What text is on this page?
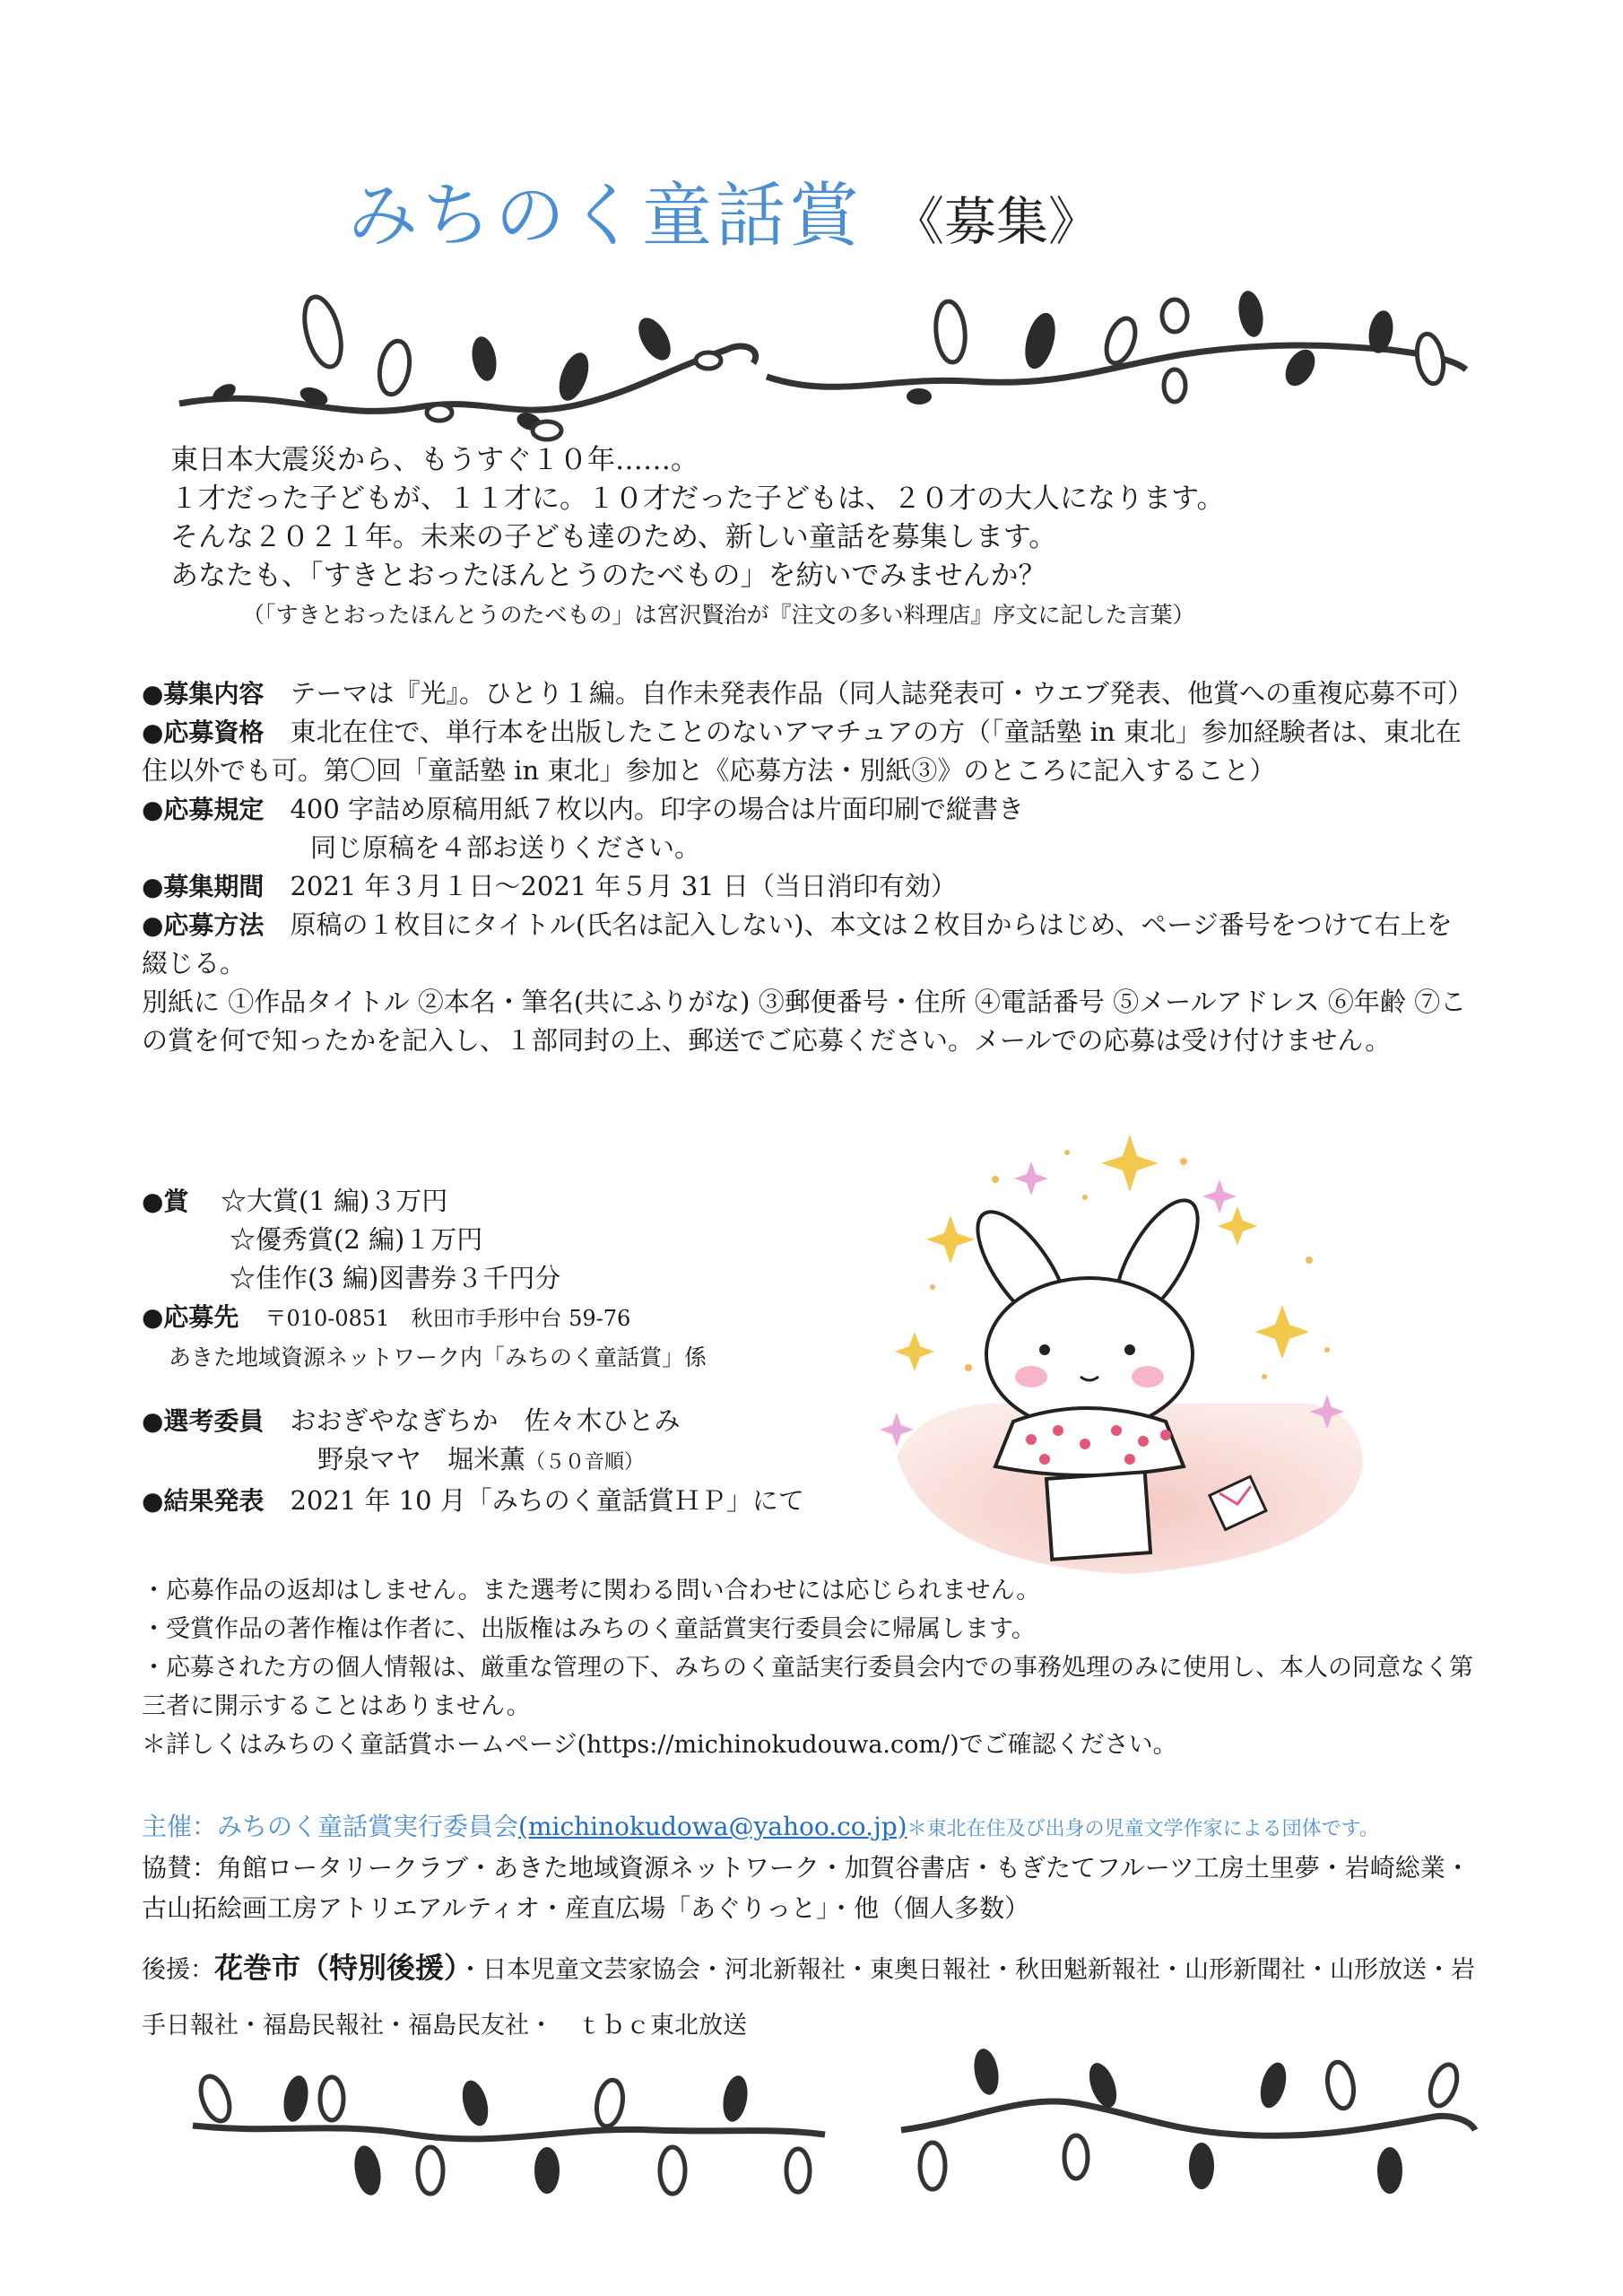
みちのく童話賞 《募集》
東日本大震災から、もうすぐ１０年……。
１才だった子どもが、１１才に。１０才だった子どもは、２０才の大人になります。
そんな２０２１年。未来の子ども達のため、新しい童話を募集します。
あなたも、「すきとおったほんとうのたべもの」を紡いでみませんか？
（「すきとおったほんとうのたべもの」は宮沢賢治が『注文の多い料理店』序文に記した言葉）
●募集内容　 テーマは『光』。ひとり１編。自作未発表作品（同人誌発表可・ウエブ発表、他賞への重複応募不可）
●応募資格　 東北在住で、単行本を出版したことのないアマチュアの方（「童話塾 in 東北」参加経験者は、東北在住以外でも可。第〇回「童話塾 in 東北」参加と《応募方法・別紙③》のところに記入すること）
●応募規定　 400 字詰め原稿用紙７枚以内。印字の場合は片面印刷で縦書き
同じ原稿を４部お送りください。
●募集期間　 2021 年３月１日～2021 年５月 31 日（当日消印有効）
●応募方法　 原稿の１枚目にタイトル(氏名は記入しない)、本文は２枚目からはじめ、ページ番号をつけて右上を綴じる。
別紙に ①作品タイトル ②本名・筆名(共にふりがな) ③郵便番号・住所 ④電話番号 ⑤メールアドレス ⑥年齢 ⑦この賞を何で知ったかを記入し、１部同封の上、郵送でご応募ください。メールでの応募は受け付けません。
●賞	☆大賞(1 編)３万円
☆優秀賞(2 編)１万円
☆佳作(3 編)図書券３千円分
●応募先　 〒010-0851　秋田市手形中台 59-76
あきた地域資源ネットワーク内「みちのく童話賞」係
●選考委員　 おおぎやなぎちか　佐々木ひとみ
野泉マヤ　堀米薫（５０音順）
●結果発表　 2021 年 10 月「みちのく童話賞ＨＰ」にて
・応募作品の返却はしません。また選考に関わる問い合わせには応じられません。
・受賞作品の著作権は作者に、出版権はみちのく童話賞実行委員会に帰属します。
・応募された方の個人情報は、厳重な管理の下、みちのく童話実行委員会内での事務処理のみに使用し、本人の同意なく第三者に開示することはありません。
＊詳しくはみちのく童話賞ホームページ(https://michinokudouwa.com/)でご確認ください。
主催：みちのく童話賞実行委員会(michinokudowa@yahoo.co.jp)＊東北在住及び出身の児童文学作家による団体です。
協賛：角館ロータリークラブ・あきた地域資源ネットワーク・加賀谷書店・もぎたてフルーツ工房土里夢・岩崎総業・古山拓絵画工房アトリエアルティオ・産直広場「あぐりっと」・他（個人多数）
後援：花巻市（特別後援）・日本児童文芸家協会・河北新報社・東奥日報社・秋田魁新報社・山形新聞社・山形放送・岩手日報社・福島民報社・福島民友社・　ｔｂｃ東北放送
